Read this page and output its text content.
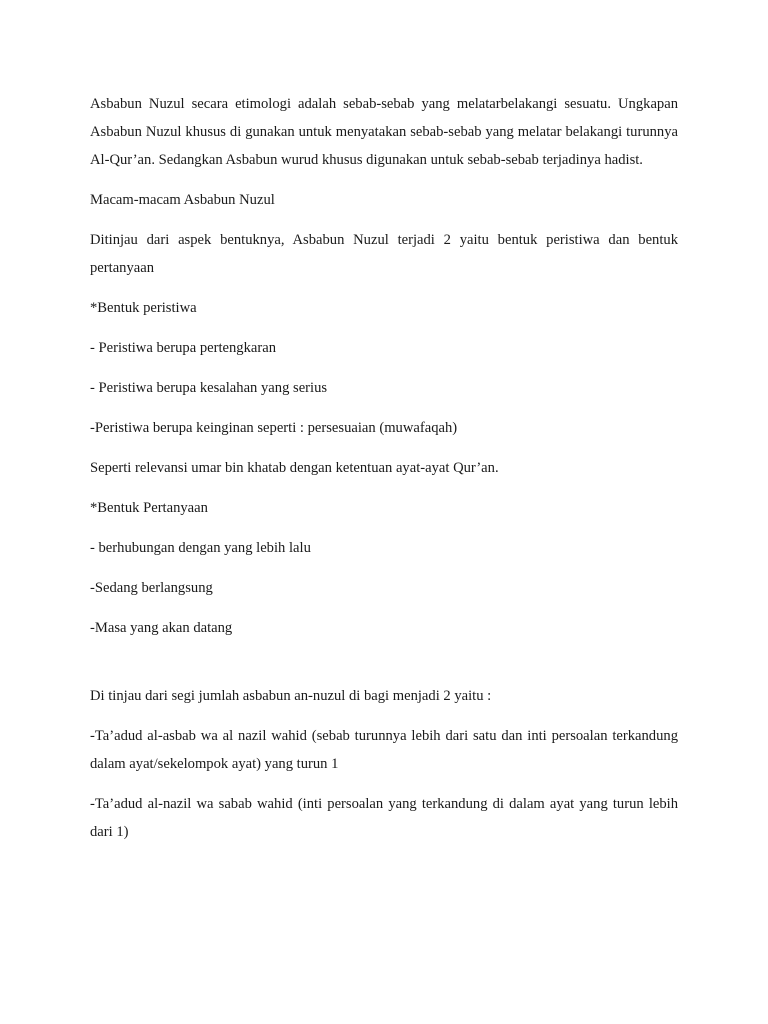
Asbabun Nuzul secara etimologi adalah sebab-sebab yang melatarbelakangi sesuatu. Ungkapan Asbabun Nuzul khusus di gunakan untuk menyatakan sebab-sebab yang melatar belakangi turunnya Al-Qur’an. Sedangkan Asbabun wurud khusus digunakan untuk sebab-sebab terjadinya hadist.

Macam-macam Asbabun Nuzul

Ditinjau dari aspek bentuknya, Asbabun Nuzul terjadi 2 yaitu bentuk peristiwa dan bentuk pertanyaan

*Bentuk peristiwa

- Peristiwa berupa pertengkaran

- Peristiwa berupa kesalahan yang serius

-Peristiwa berupa keinginan seperti : persesuaian (muwafaqah)

Seperti relevansi umar bin khatab dengan ketentuan ayat-ayat Qur’an.

*Bentuk Pertanyaan

- berhubungan dengan yang lebih lalu

-Sedang berlangsung

-Masa yang akan datang

Di tinjau dari segi jumlah asbabun an-nuzul di bagi menjadi 2 yaitu :

-Ta’adud al-asbab wa al nazil wahid (sebab turunnya lebih dari satu dan inti persoalan terkandung dalam ayat/sekelompok ayat) yang turun 1

-Ta’adud al-nazil wa sabab wahid (inti persoalan yang terkandung di dalam ayat yang turun lebih dari 1)
